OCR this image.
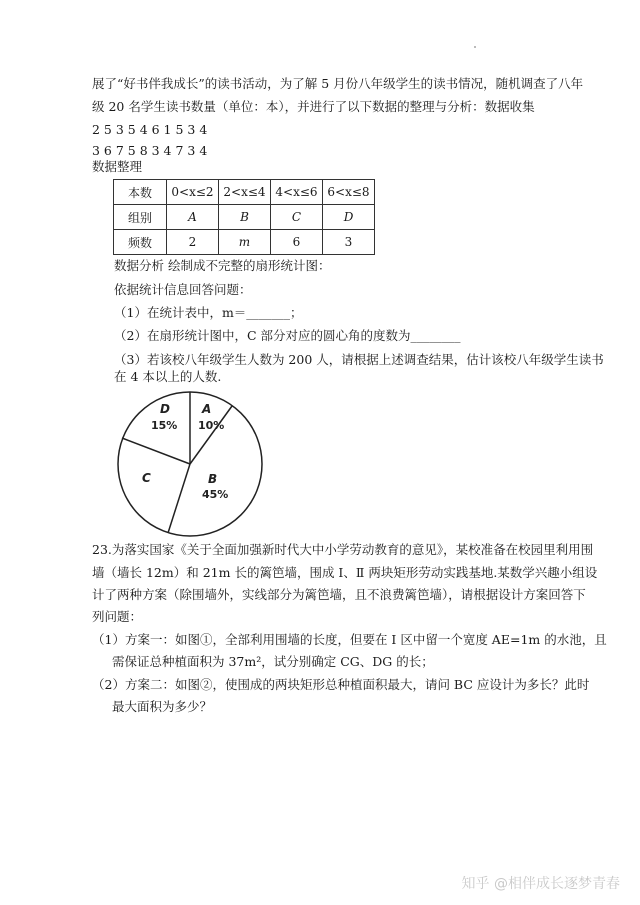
展了“好书伴我成长”的读书活动，为了解 5 月份八年级学生的读书情况，随机调查了八年
级 20 名学生读书数量（单位：本），并进行了以下数据的整理与分析：数据收集
2 5 3 5 4 6 1 5 3 4
3 6 7 5 8 3 4 7 3 4
数据整理
本数	0<x≤2	2<x≤4	4<x≤6	6<x≤8
组别	A	B	C	D
频数	2	m	6	3
数据分析 绘制成不完整的扇形统计图：
依据统计信息回答问题：
（1）在统计表中，m＝_______；
（2）在扇形统计图中，C 部分对应的圆心角的度数为________
（3）若该校八年级学生人数为 200 人，请根据上述调查结果，估计该校八年级学生读书
在 4 本以上的人数.
A
10%
B
45%
C
D
15%
23.为落实国家《关于全面加强新时代大中小学劳动教育的意见》，某校准备在校园里利用围
墙（墙长 12m）和 21m 长的篱笆墙，围成 Ⅰ、Ⅱ 两块矩形劳动实践基地.某数学兴趣小组设
计了两种方案（除围墙外，实线部分为篱笆墙，且不浪费篱笆墙），请根据设计方案回答下
列问题：
（1）方案一：如图①，全部利用围墙的长度，但要在 Ⅰ 区中留一个宽度 AE=1m 的水池，且
需保证总种植面积为 37m²，试分别确定 CG、DG 的长；
（2）方案二：如图②，使围成的两块矩形总种植面积最大，请问 BC 应设计为多长？此时
最大面积为多少？
知乎 @相伴成长逐梦青春
